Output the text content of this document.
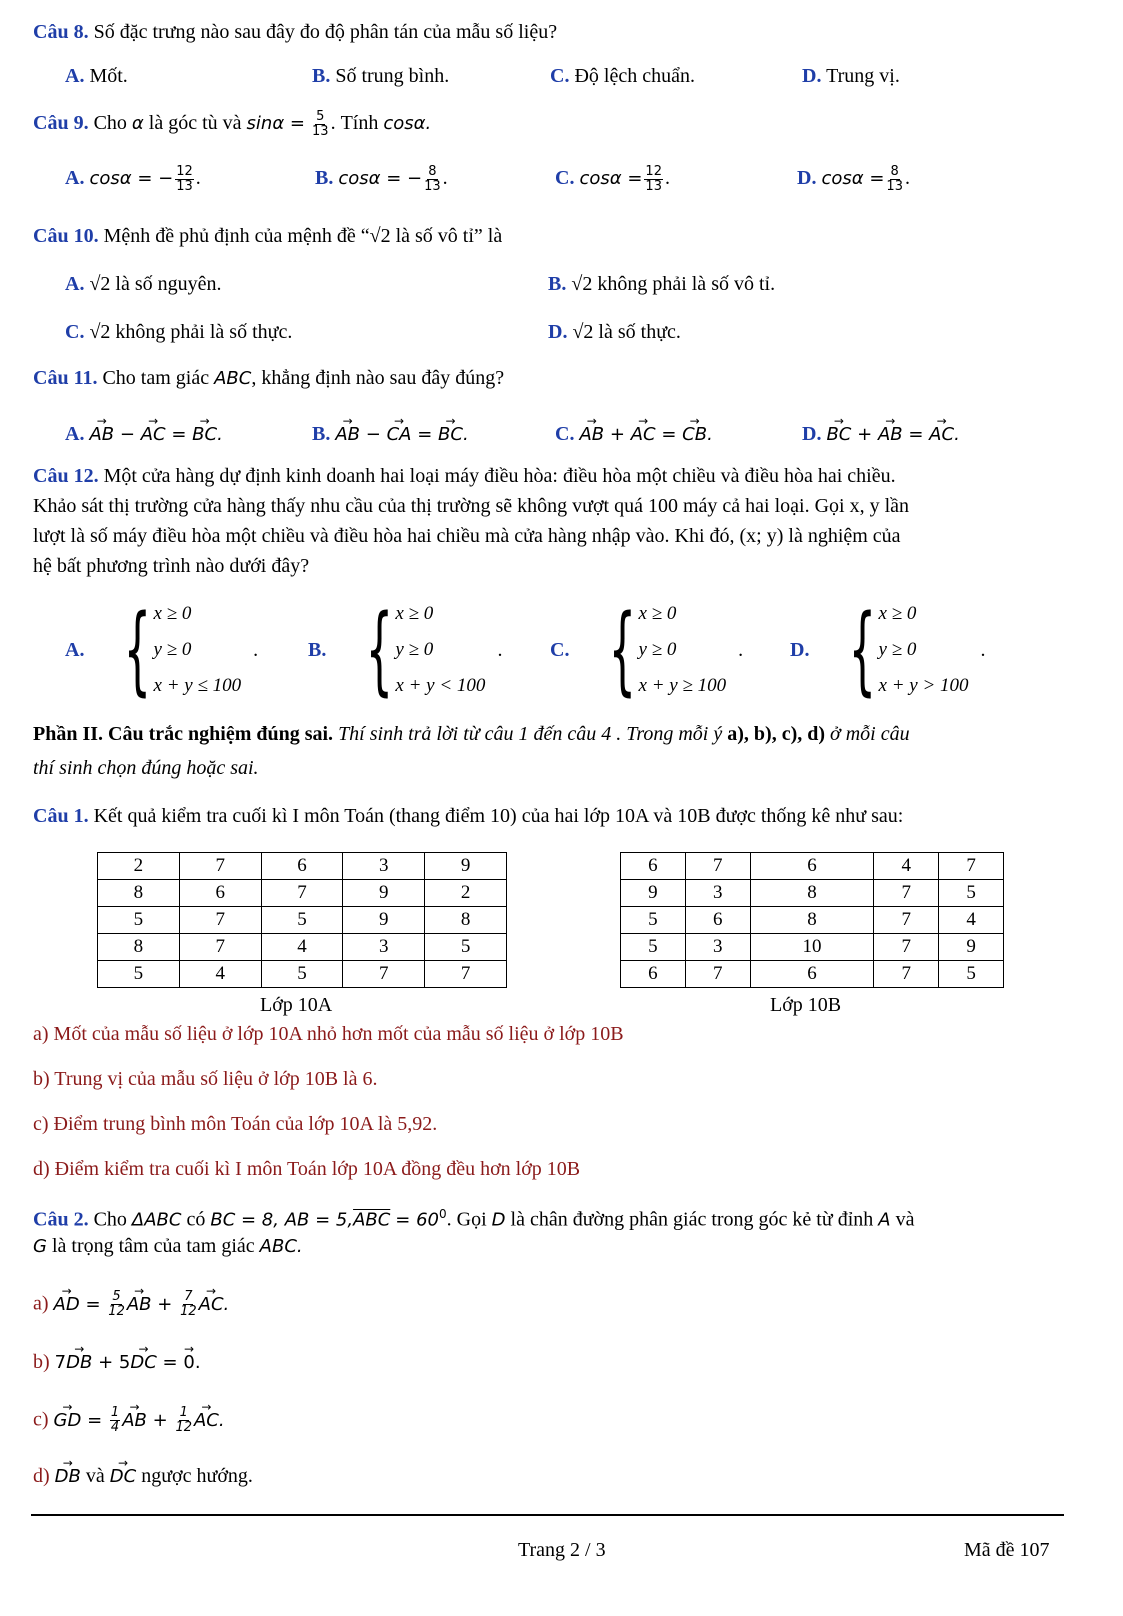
Câu 8. Số đặc trưng nào sau đây đo độ phân tán của mẫu số liệu?
A. Mốt.	B. Số trung bình.	C. Độ lệch chuẩn.	D. Trung vị.
Câu 9. Cho α là góc tù và $\sin\alpha = \frac{5}{13}$ . Tính cosα.
A. cosα = − $\frac{12}{13}$ .	B. cosα = − $\frac{8}{13}$ .	C. $\cos\alpha = \frac{12}{13}$ .	D. $\cos\alpha = \frac{8}{13}$ .
Câu 10. Mệnh đề phủ định của mệnh đề “√2 là số vô tỉ” là
A. √2 là số nguyên.	B. √2 không phải là số vô tỉ.
C. √2 không phải là số thực.	D. √2 là số thực.
Câu 11. Cho tam giác ABC, khẳng định nào sau đây đúng?
A. → AB − → AC = → BC.	B. → AB − → CA = → BC.	C. → AB + → AC = → CB.	D. → BC + → AB = → AC.
Câu 12. Một cửa hàng dự định kinh doanh hai loại máy điều hòa: điều hòa một chiều và điều hòa hai chiều.
Khảo sát thị trường cửa hàng thấy nhu cầu của thị trường sẽ không vượt quá 100 máy cả hai loại. Gọi x, y lần
lượt là số máy điều hòa một chiều và điều hòa hai chiều mà cửa hàng nhập vào. Khi đó, (x; y) là nghiệm của
hệ bất phương trình nào dưới đây?
A. { x ≥ 0
y ≥ 0
x + y ≤ 100
. B. { x ≥ 0
y ≥ 0
x + y < 100
. C. { x ≥ 0
y ≥ 0
x + y ≥ 100
. D. { x ≥ 0
y ≥ 0
x + y > 100
.
Phần II. Câu trắc nghiệm đúng sai. Thí sinh trả lời từ câu 1 đến câu 4 . Trong mỗi ý a), b), c), d) ở mỗi câu
thí sinh chọn đúng hoặc sai.
Câu 1. Kết quả kiểm tra cuối kì I môn Toán (thang điểm 10) của hai lớp 10A và 10B được thống kê như sau:
2	7	6	3	9
8	6	7	9	2
5	7	5	9	8
8	7	4	3	5
5	4	5	7	7
Lớp 10A
6	7	6	4	7
9	3	8	7	5
5	6	8	7	4
5	3	10	7	9
6	7	6	7	5
Lớp 10B
a) Mốt của mẫu số liệu ở lớp 10A nhỏ hơn mốt của mẫu số liệu ở lớp 10B
b) Trung vị của mẫu số liệu ở lớp 10B là 6.
c) Điểm trung bình môn Toán của lớp 10A là 5,92.
d) Điểm kiểm tra cuối kì I môn Toán lớp 10A đồng đều hơn lớp 10B
Câu 2. Cho ΔABC có BC = 8, AB = $5,\overline{ABC} = 60^0$. Gọi D là chân đường phân giác trong góc kẻ từ đỉnh A và
G là trọng tâm của tam giác ABC.
a) → AD = $\frac{5}{12}$ → AB + $\frac{7}{12}$ → AC.
b) 7→ DB + 5→ DC = → 0.
c) → GD = $\frac{1}{4}$ → AB + $\frac{1}{12}$ → AC.
d) → DB và → DC ngược hướng.
Trang 2 / 3	Mã đề 107
